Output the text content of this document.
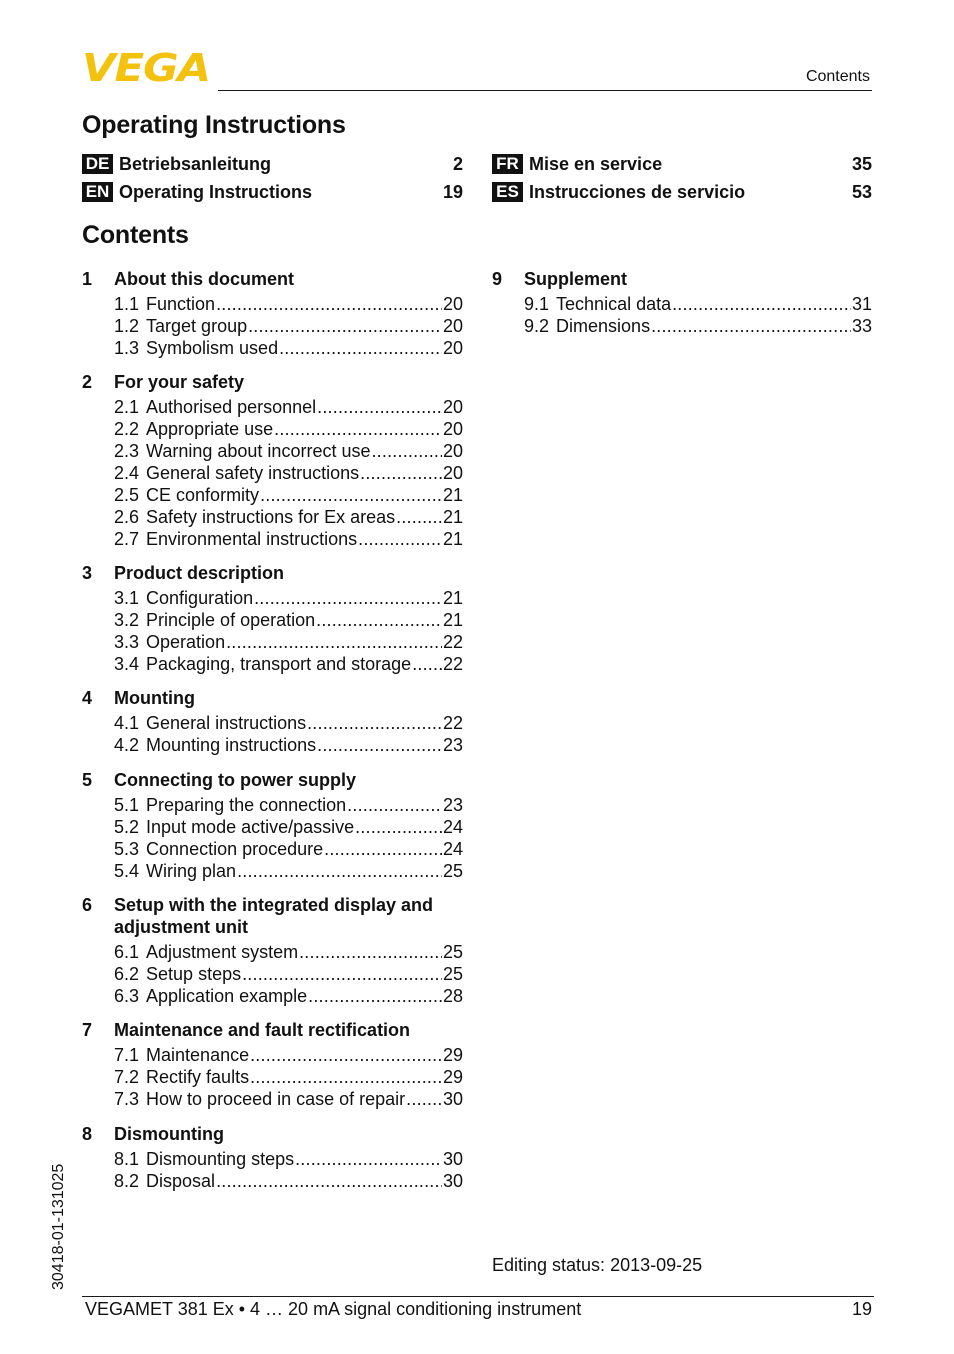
VEGA	Contents
Operating Instructions
DE Betriebsanleitung	2
EN Operating Instructions	19
FR Mise en service	35
ES Instrucciones de servicio	53
Contents
1	About this document
1.1 Function .....	20
1.2 Target group .....	20
1.3 Symbolism used .....	20
2	For your safety
2.1 Authorised personnel .....	20
2.2 Appropriate use .....	20
2.3 Warning about incorrect use .....	20
2.4 General safety instructions .....	20
2.5 CE conformity .....	21
2.6 Safety instructions for Ex areas .....	21
2.7 Environmental instructions .....	21
3	Product description
3.1 Configuration .....	21
3.2 Principle of operation .....	21
3.3 Operation .....	22
3.4 Packaging, transport and storage ..... 22
4	Mounting
4.1 General instructions .....	22
4.2 Mounting instructions .....	23
5	Connecting to power supply
5.1 Preparing the connection .....	23
5.2 Input mode active/passive .....	24
5.3 Connection procedure .....	24
5.4 Wiring plan .....	25
6	Setup with the integrated display and adjustment unit
6.1 Adjustment system .....	25
6.2 Setup steps .....	25
6.3 Application example .....	28
7	Maintenance and fault rectification
7.1 Maintenance .....	29
7.2 Rectify faults .....	29
7.3 How to proceed in case of repair ..... 30
8	Dismounting
8.1 Dismounting steps .....	30
8.2 Disposal .....	30
9	Supplement
9.1 Technical data .....	31
9.2 Dimensions .....	33
30418-01-131025	Editing status: 2013-09-25
VEGAMET 381 Ex • 4 … 20 mA signal conditioning instrument	19
